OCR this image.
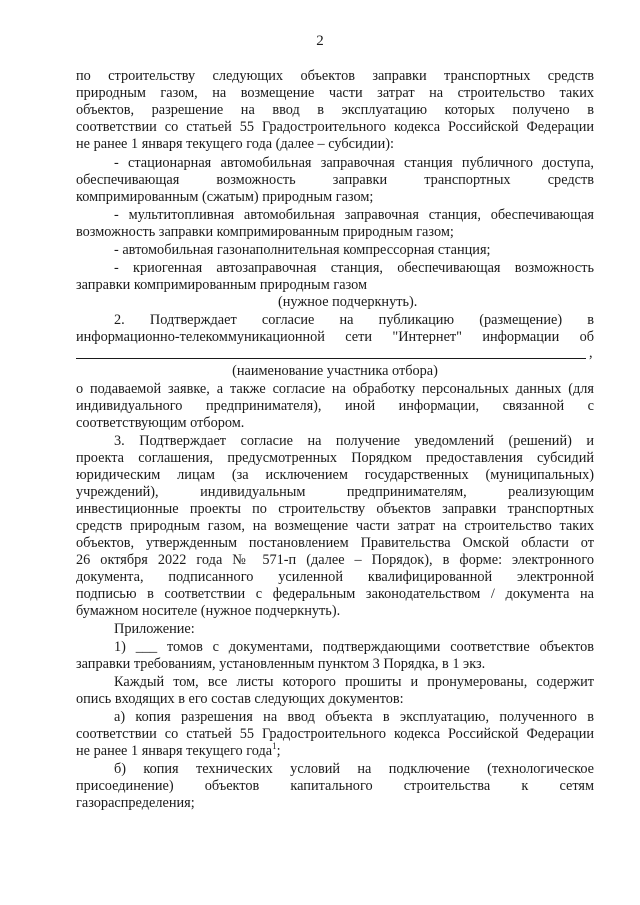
2
по строительству следующих объектов заправки транспортных средств
природным газом, на возмещение части затрат на строительство таких
объектов, разрешение на ввод в эксплуатацию которых получено в
соответствии со статьей 55 Градостроительного кодекса Российской Федерации
не ранее 1 января текущего года (далее – субсидии):
- стационарная автомобильная заправочная станция публичного доступа,
обеспечивающая возможность заправки транспортных средств
компримированным (сжатым) природным газом;
- мультитопливная автомобильная заправочная станция, обеспечивающая
возможность заправки компримированным природным газом;
- автомобильная газонаполнительная компрессорная станция;
- криогенная автозаправочная станция, обеспечивающая возможность
заправки компримированным природным газом
(нужное подчеркнуть).
2. Подтверждает согласие на публикацию (размещение) в
информационно-телекоммуникационной сети "Интернет" информации об
,
(наименование участника отбора)
о подаваемой заявке, а также согласие на обработку персональных данных (для
индивидуального предпринимателя), иной информации, связанной с
соответствующим отбором.
3. Подтверждает согласие на получение уведомлений (решений) и
проекта соглашения, предусмотренных Порядком предоставления субсидий
юридическим лицам (за исключением государственных (муниципальных)
учреждений), индивидуальным предпринимателям, реализующим
инвестиционные проекты по строительству объектов заправки транспортных
средств природным газом, на возмещение части затрат на строительство таких
объектов, утвержденным постановлением Правительства Омской области от
26 октября 2022 года № 571-п (далее – Порядок), в форме: электронного
документа, подписанного усиленной квалифицированной электронной
подписью в соответствии с федеральным законодательством / документа на
бумажном носителе (нужное подчеркнуть).
Приложение:
1) ___ томов с документами, подтверждающими соответствие объектов
заправки требованиям, установленным пунктом 3 Порядка, в 1 экз.
Каждый том, все листы которого прошиты и пронумерованы, содержит
опись входящих в его состав следующих документов:
а) копия разрешения на ввод объекта в эксплуатацию, полученного в
соответствии со статьей 55 Градостроительного кодекса Российской Федерации
не ранее 1 января текущего года$^1$;
б) копия технических условий на подключение (технологическое
присоединение) объектов капитального строительства к сетям
газораспределения;
